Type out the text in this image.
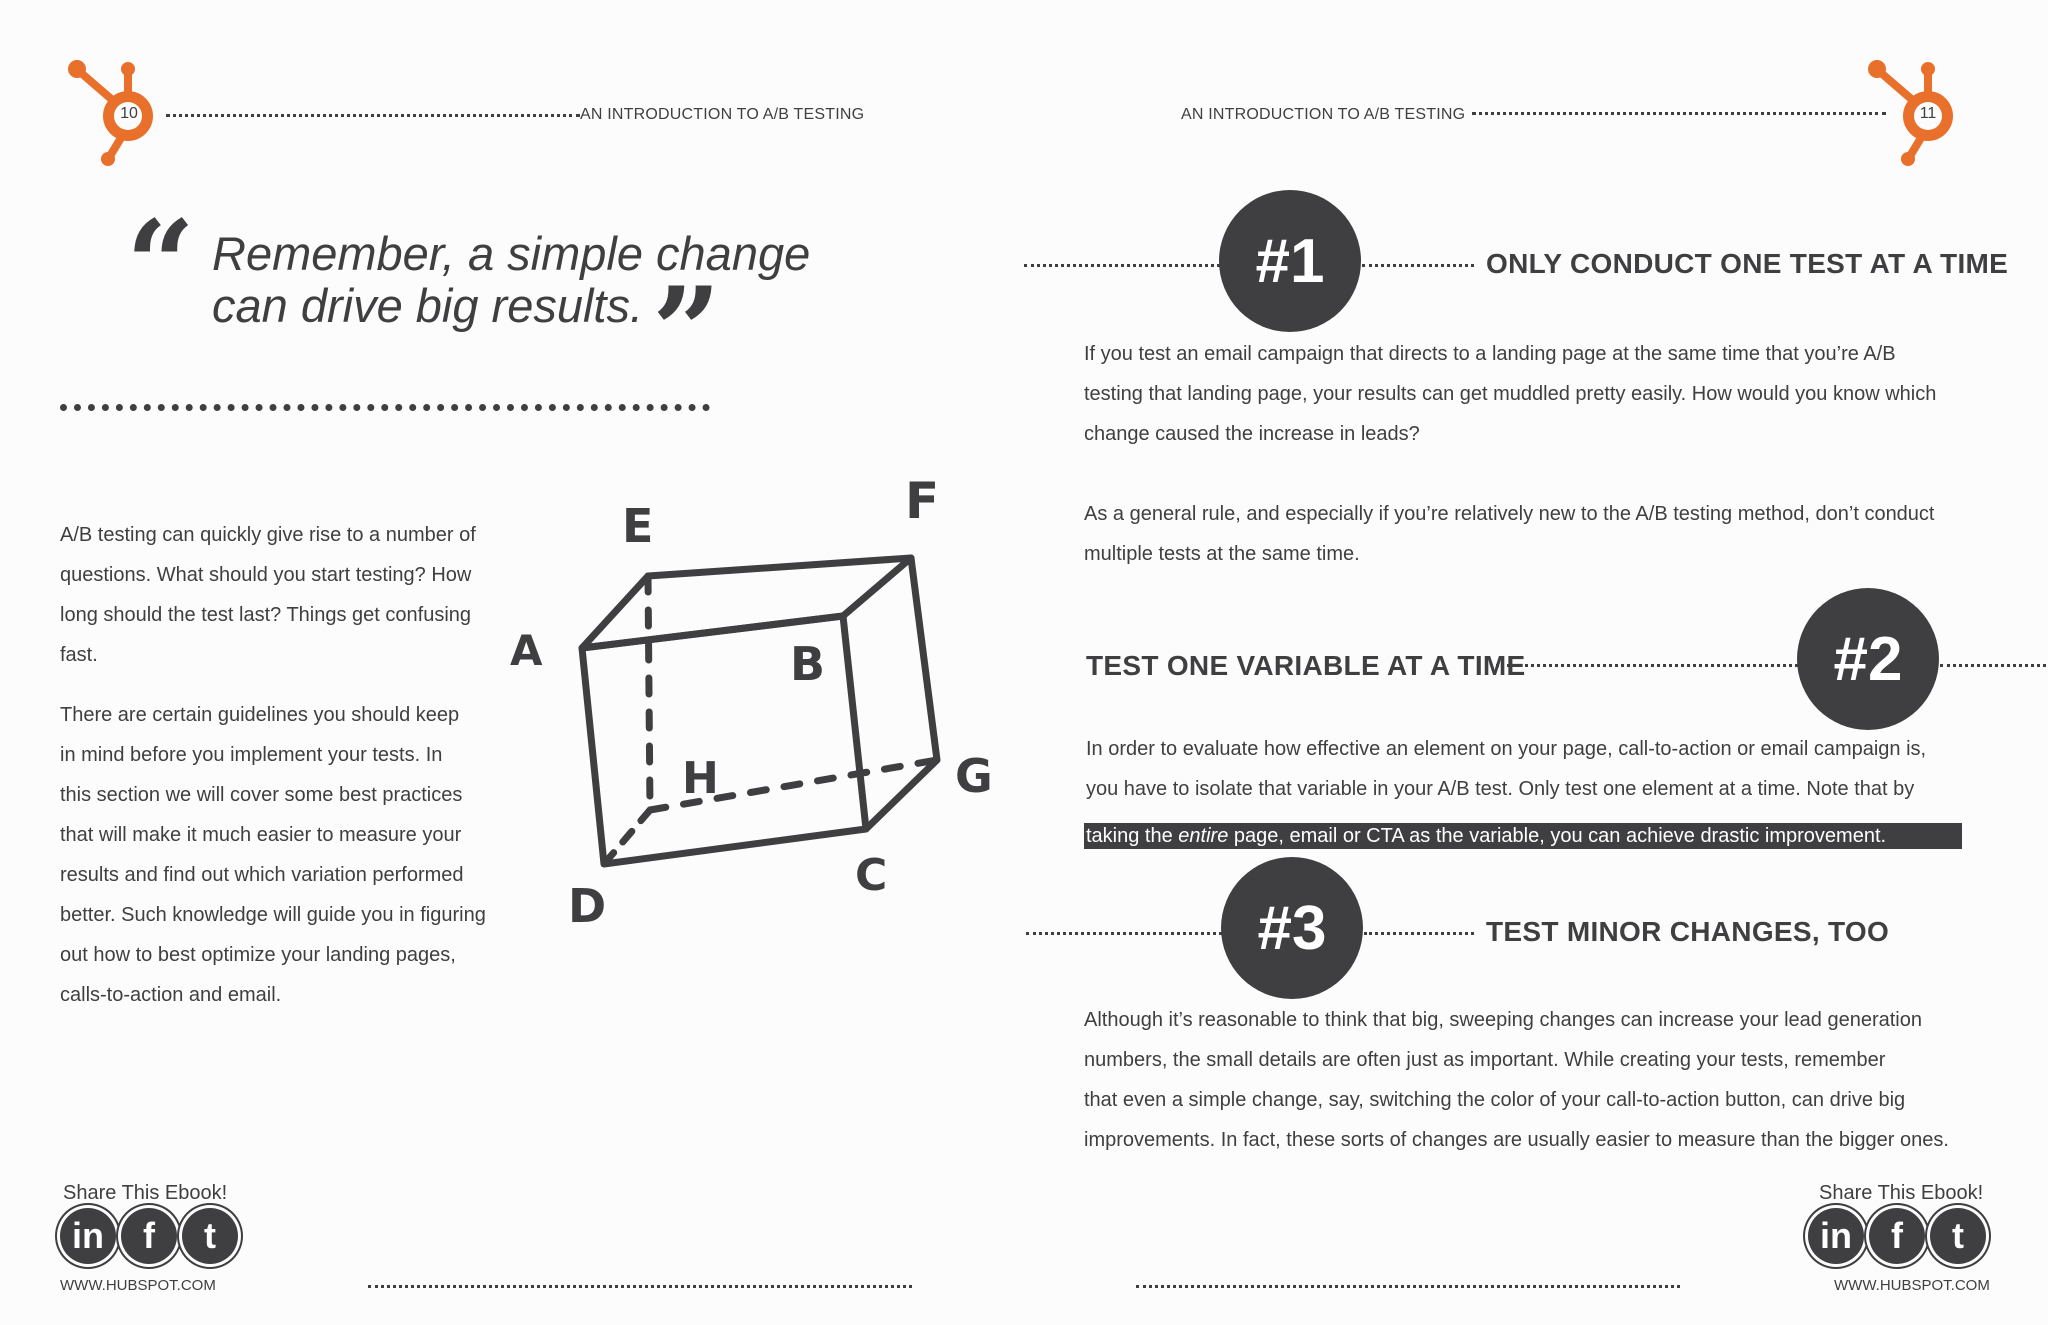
10	AN INTRODUCTION TO A/B TESTING
“ Remember, a simple change
can drive big results. ”
A/B testing can quickly give rise to a number of
questions. What should you start testing? How
long should the test last? Things get confusing
fast.
There are certain guidelines you should keep
in mind before you implement your tests. In
this section we will cover some best practices
that will make it much easier to measure your
results and find out which variation performed
better. Such knowledge will guide you in figuring
out how to best optimize your landing pages,
calls-to-action and email.
A	B
C
D
E	F
G
H
Share This Ebook!
in f t
WWW.HUBSPOT.COM
AN INTRODUCTION TO A/B TESTING	11
#1	ONLY CONDUCT ONE TEST AT A TIME
If you test an email campaign that directs to a landing page at the same time that you’re A/B
testing that landing page, your results can get muddled pretty easily. How would you know which
change caused the increase in leads?
As a general rule, and especially if you’re relatively new to the A/B testing method, don’t conduct
multiple tests at the same time.
TEST ONE VARIABLE AT A TIME	#2
In order to evaluate how effective an element on your page, call-to-action or email campaign is,
you have to isolate that variable in your A/B test. Only test one element at a time. Note that by
taking the entire page, email or CTA as the variable, you can achieve drastic improvement.
#3	TEST MINOR CHANGES, TOO
Although it’s reasonable to think that big, sweeping changes can increase your lead generation
numbers, the small details are often just as important. While creating your tests, remember
that even a simple change, say, switching the color of your call-to-action button, can drive big
improvements. In fact, these sorts of changes are usually easier to measure than the bigger ones.
Share This Ebook!
in f t
WWW.HUBSPOT.COM
